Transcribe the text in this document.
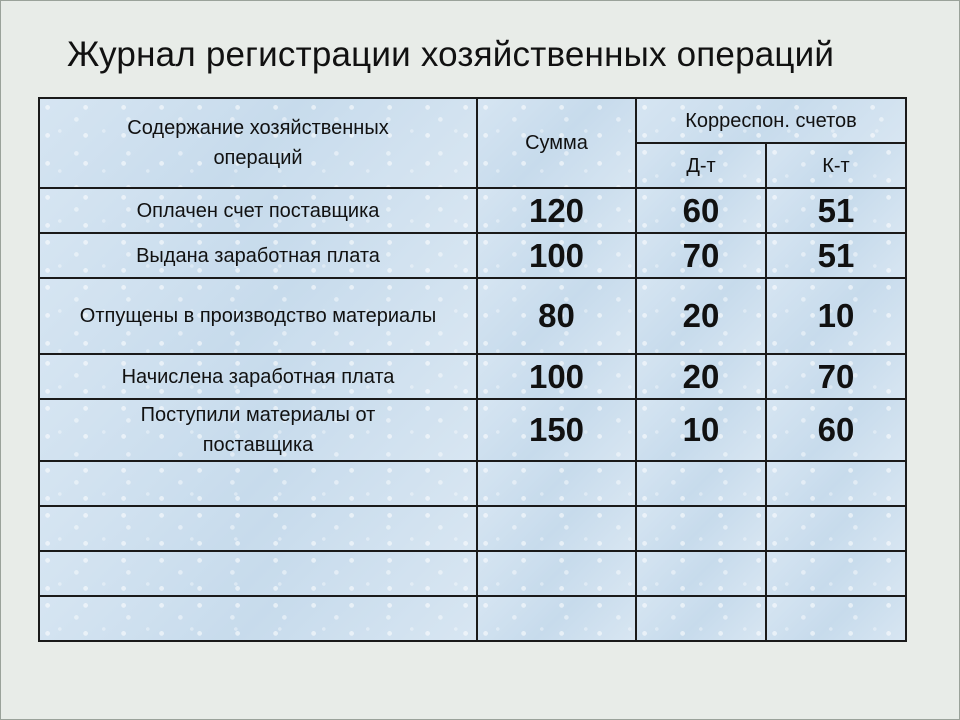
Журнал регистрации хозяйственных операций
Содержание хозяйственных операций	Сумма	Корреспон. счетов	
		Д-т	К-т
Оплачен счет поставщика	120	60	51
Выдана заработная плата	100	70	51

Отпущены в производство материалы	80	20	10
Начислена заработная плата	100	20	70

Поступили материалы от поставщика	150	10	60
